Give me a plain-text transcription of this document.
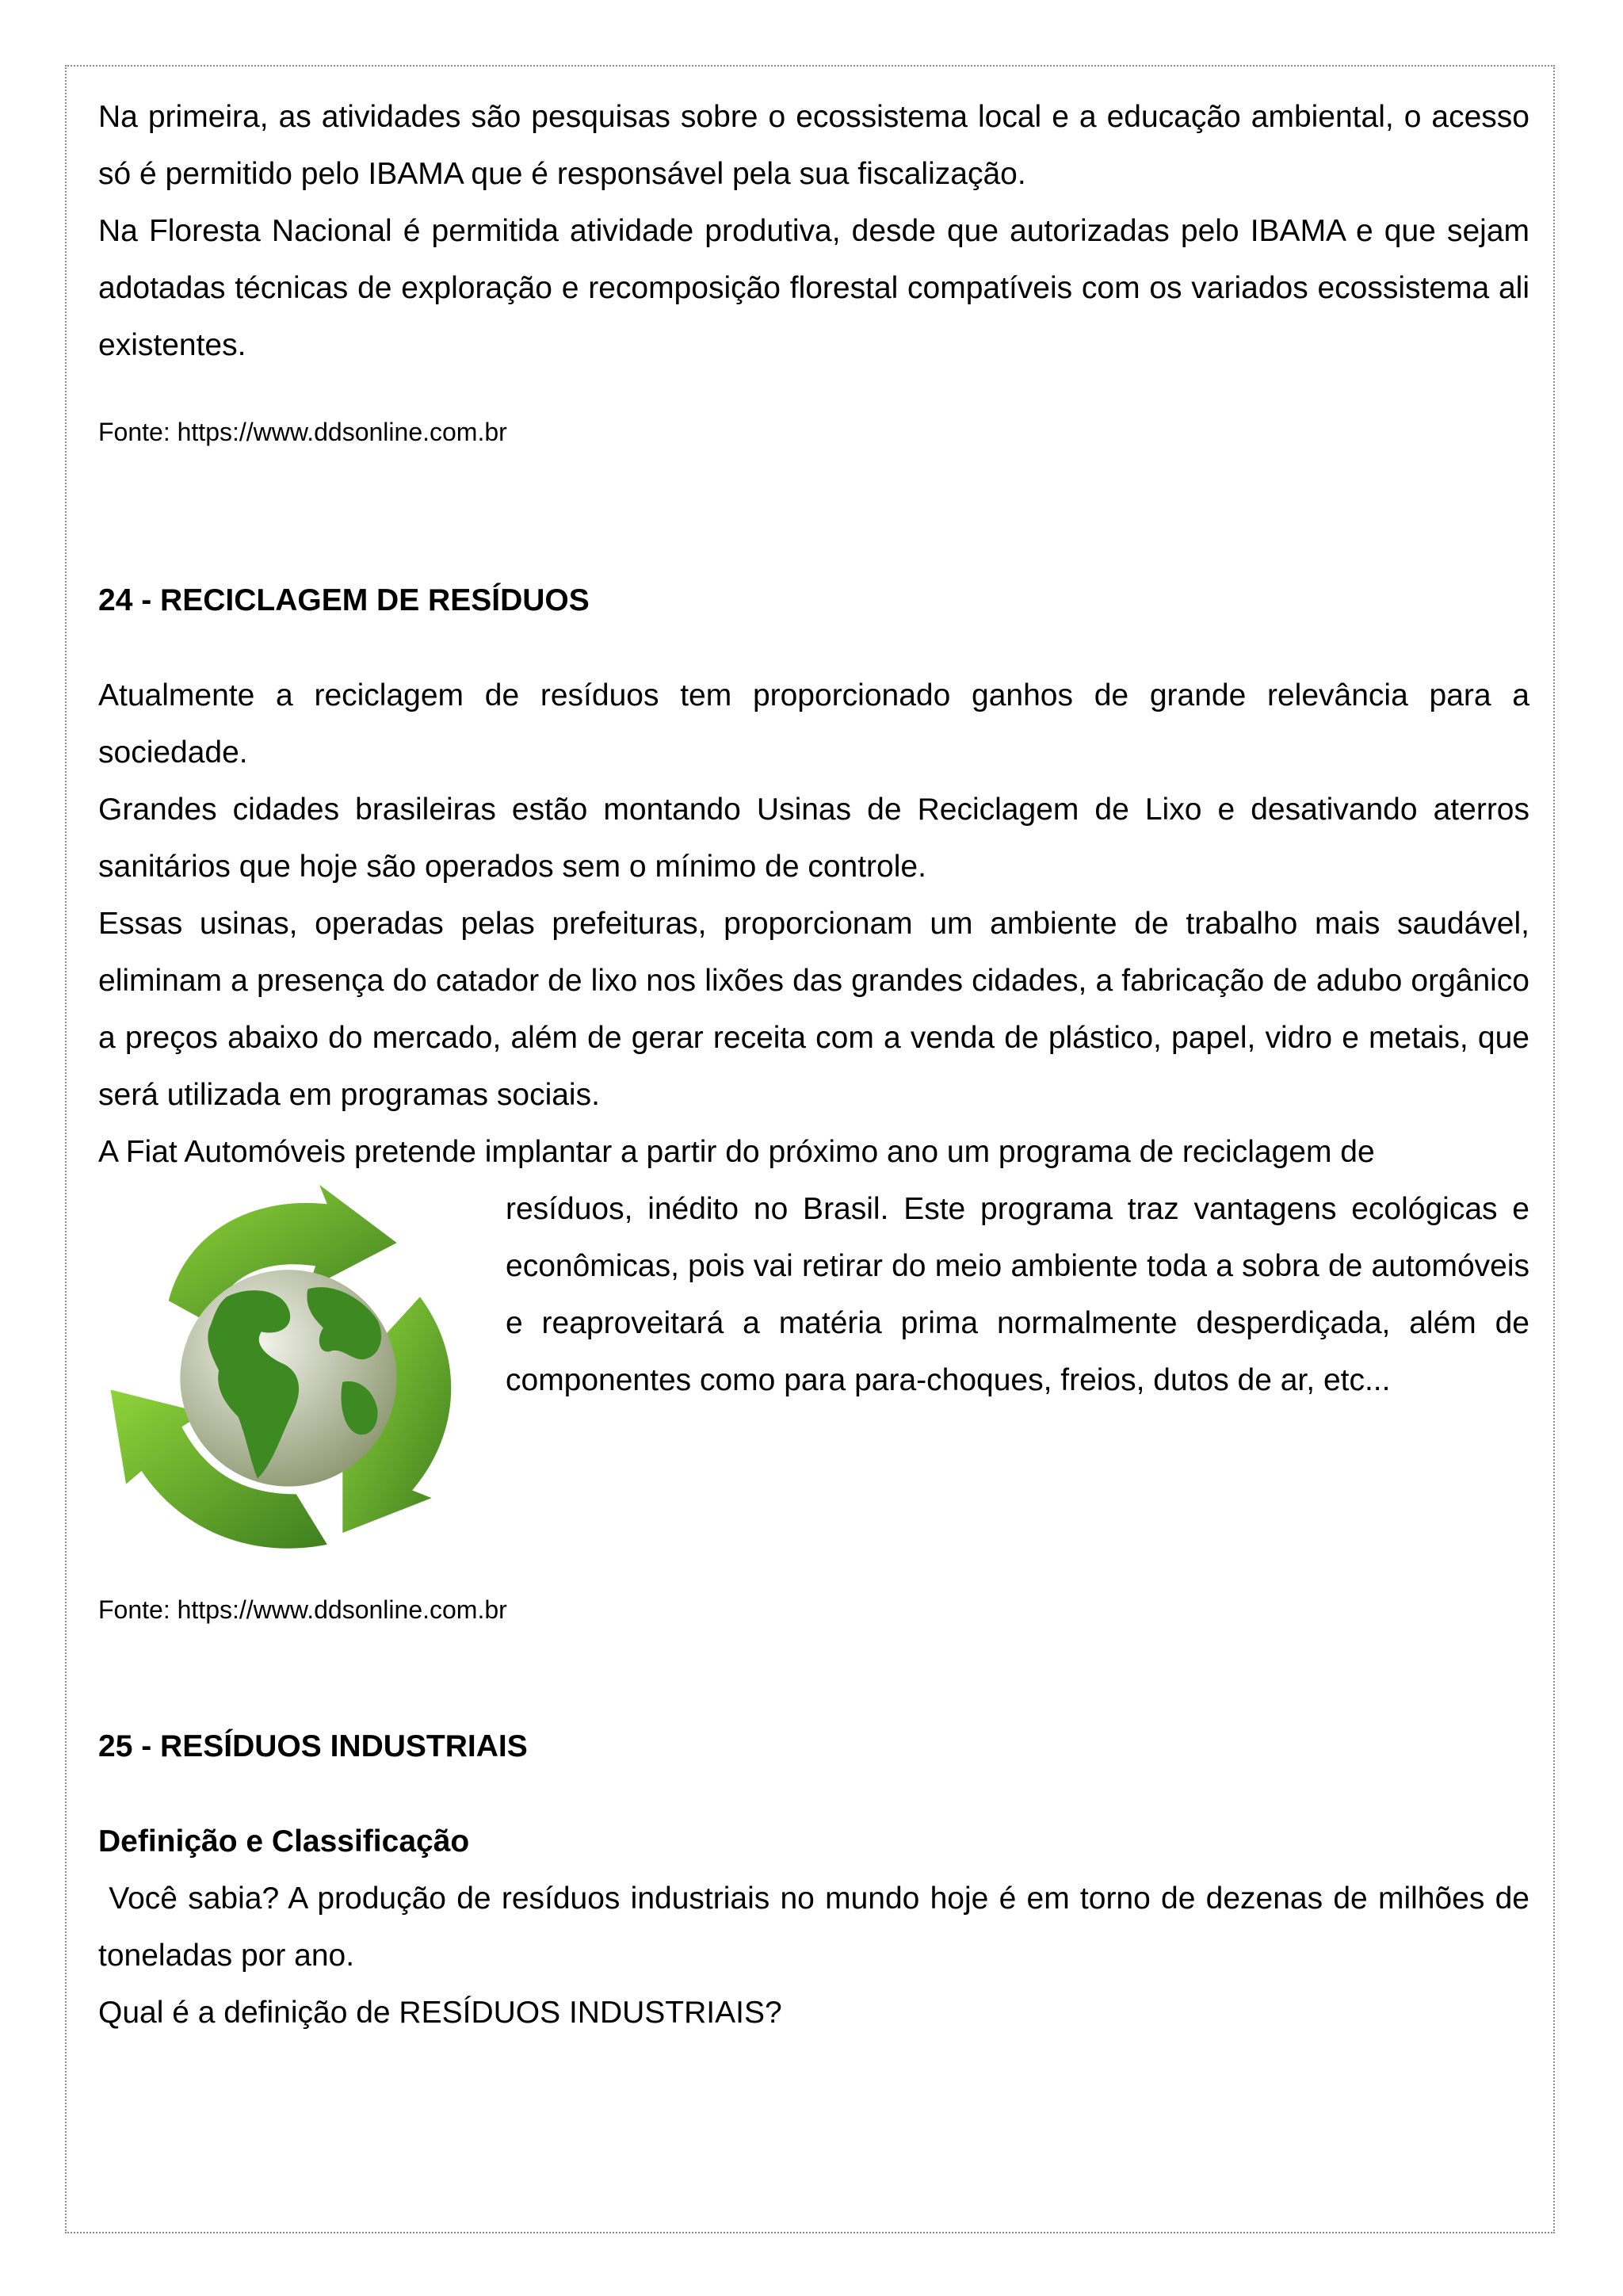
Na primeira, as atividades são pesquisas sobre o ecossistema local e a educação ambiental, o acesso só é permitido pelo IBAMA que é responsável pela sua fiscalização.

Na Floresta Nacional é permitida atividade produtiva, desde que autorizadas pelo IBAMA e que sejam adotadas técnicas de exploração e recomposição florestal compatíveis com os variados ecossistema ali existentes.

Fonte: https://www.ddsonline.com.br

24 - RECICLAGEM DE RESÍDUOS

Atualmente a reciclagem de resíduos tem proporcionado ganhos de grande relevância para a sociedade.

Grandes cidades brasileiras estão montando Usinas de Reciclagem de Lixo e desativando aterros sanitários que hoje são operados sem o mínimo de controle.

Essas usinas, operadas pelas prefeituras, proporcionam um ambiente de trabalho mais saudável, eliminam a presença do catador de lixo nos lixões das grandes cidades, a fabricação de adubo orgânico a preços abaixo do mercado, além de gerar receita com a venda de plástico, papel, vidro e metais, que será utilizada em programas sociais.

A Fiat Automóveis pretende implantar a partir do próximo ano um programa de reciclagem de

resíduos, inédito no Brasil. Este programa traz vantagens ecológicas e econômicas, pois vai retirar do meio ambiente toda a sobra de automóveis e reaproveitará a matéria prima normalmente desperdiçada, além de componentes como para para-choques, freios, dutos de ar, etc...

Fonte: https://www.ddsonline.com.br

25 - RESÍDUOS INDUSTRIAIS

Definição e Classificação

Você sabia? A produção de resíduos industriais no mundo hoje é em torno de dezenas de milhões de toneladas por ano.

Qual é a definição de RESÍDUOS INDUSTRIAIS?
